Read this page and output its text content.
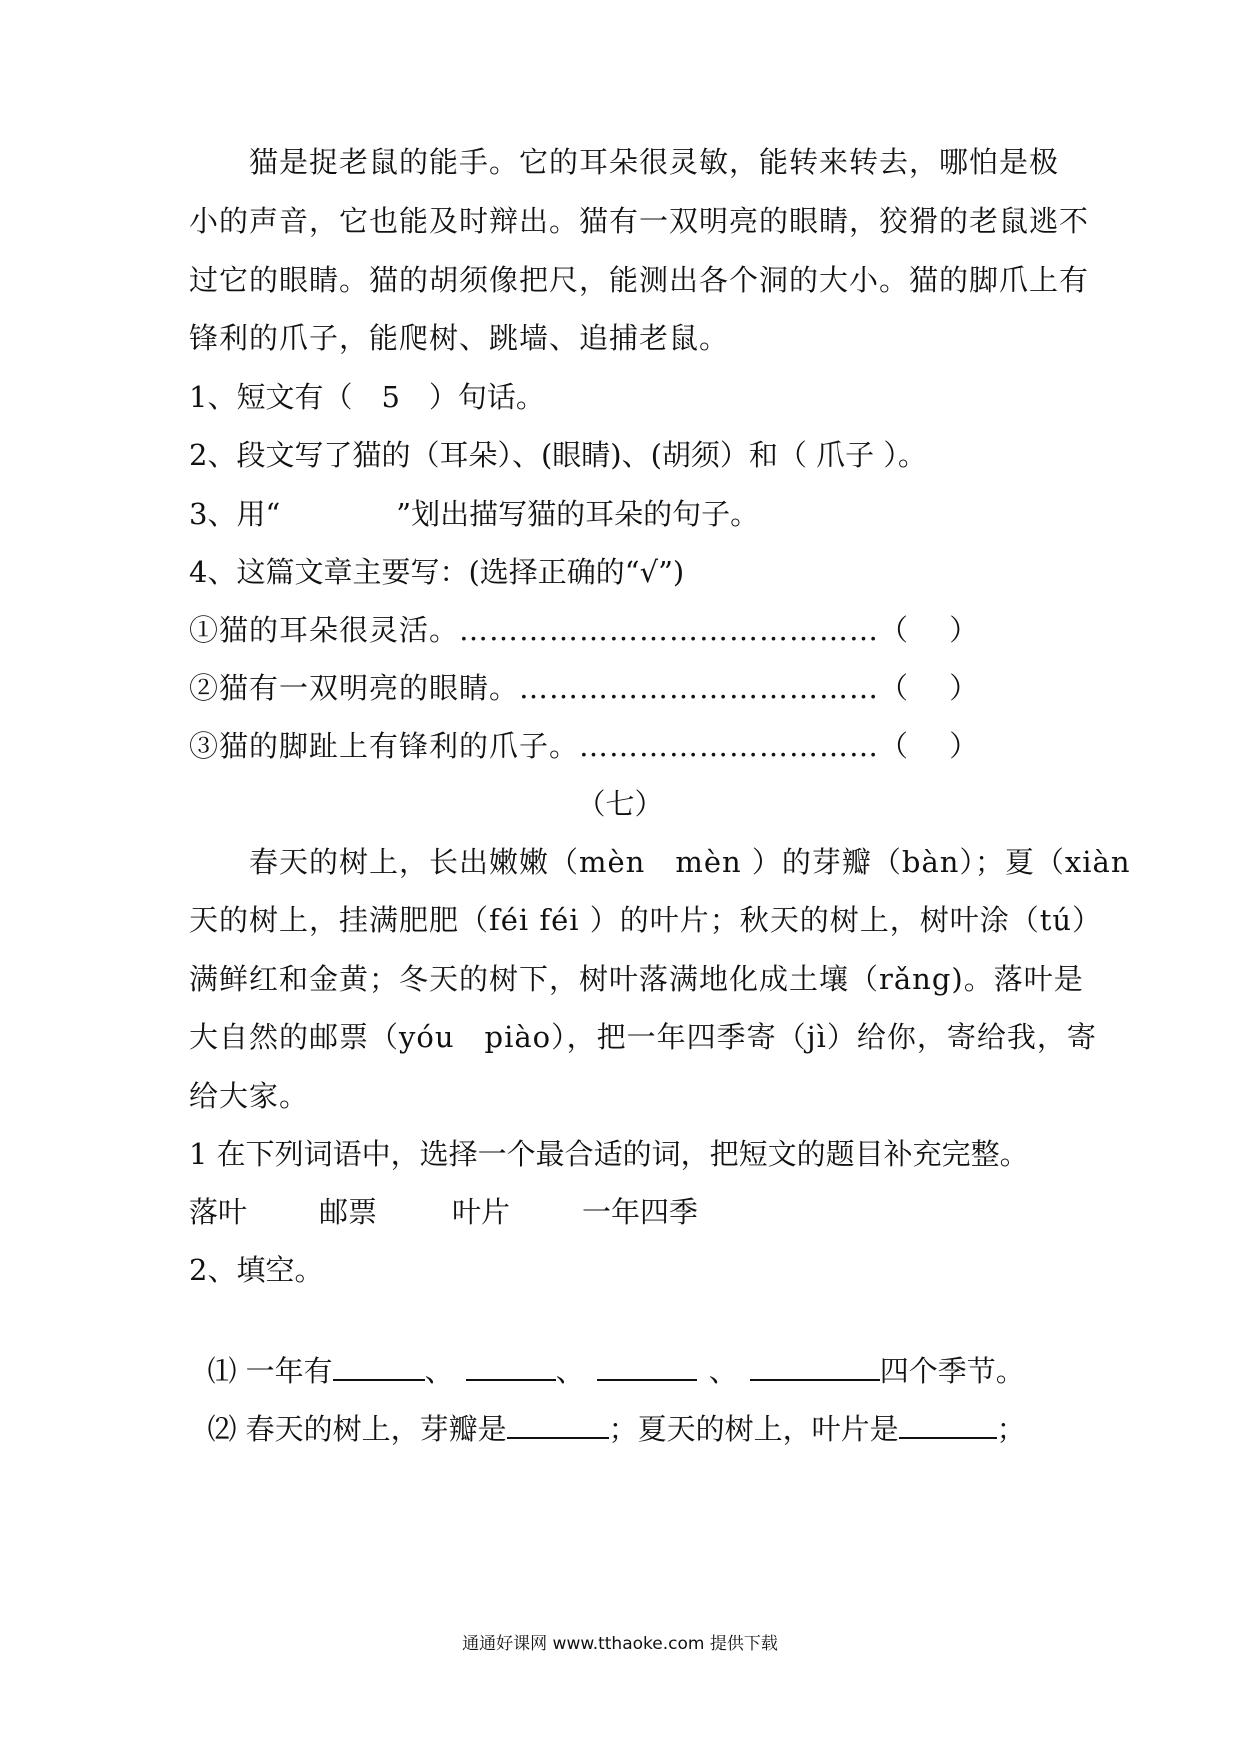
　　猫是捉老鼠的能手。它的耳朵很灵敏，能转来转去，哪怕是极
小的声音，它也能及时辩出。猫有一双明亮的眼睛，狡猾的老鼠逃不
过它的眼睛。猫的胡须像把尺，能测出各个洞的大小。猫的脚爪上有
锋利的爪子，能爬树、跳墙、追捕老鼠。
1、短文有（　5　）句话。
2、段文写了猫的（耳朵）、(眼睛)、(胡须）和（ 爪子 ）。
3、用“　　　　”划出描写猫的耳朵的句子。
4、这篇文章主要写：(选择正确的“√”)
①猫的耳朵很灵活。……………………………………（　 ）
②猫有一双明亮的眼睛。………………………………（　 ）
③猫的脚趾上有锋利的爪子。…………………………（　 ）
（七）
　　春天的树上，长出嫩嫩（mèn　mèn ）的芽瓣（bàn）；夏（xiàn
天的树上，挂满肥肥（féi féi ）的叶片；秋天的树上，树叶涂（tú）
满鲜红和金黄；冬天的树下，树叶落满地化成土壤（rǎng)。落叶是
大自然的邮票（yóu　piào），把一年四季寄（jì）给你，寄给我，寄
给大家。
1 在下列词语中，选择一个最合适的词，把短文的题目补充完整。
落叶 邮票	叶片 一年四季
2、填空。

⑴ 一年有	、	、	、	四个季节。

⑵ 春天的树上，芽瓣是	；夏天的树上，叶片是	；

通通好课网 www.tthaoke.com 提供下载
